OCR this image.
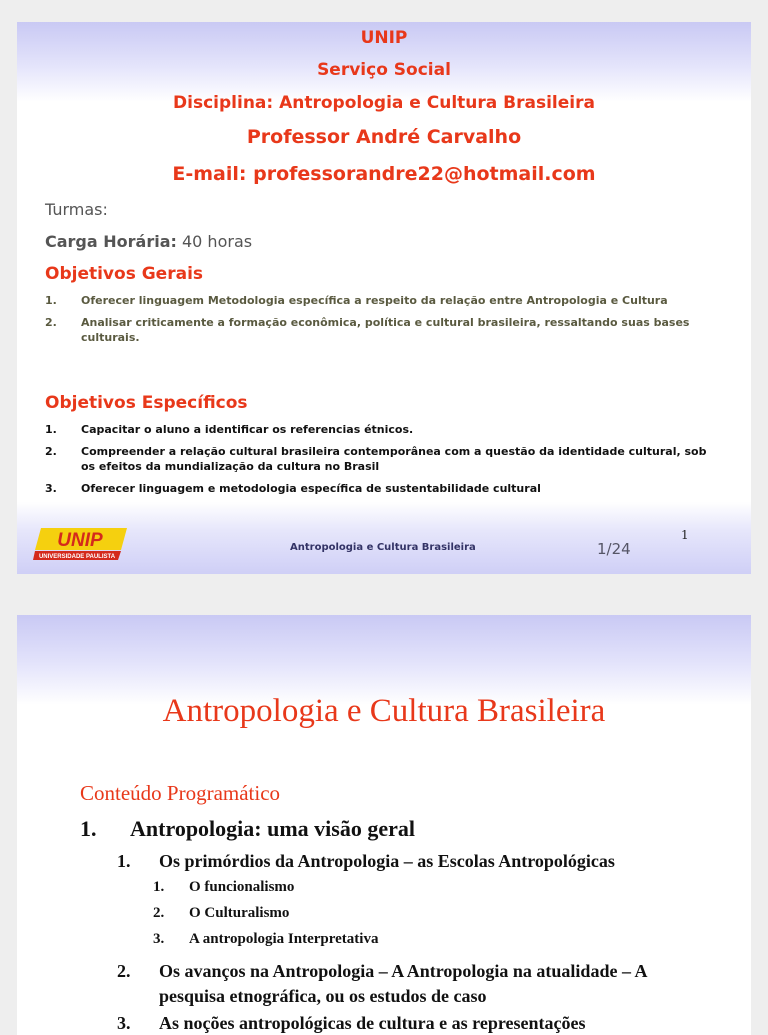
UNIP
Serviço Social
Disciplina: Antropologia e Cultura Brasileira
Professor André Carvalho
E-mail: professorandre22@hotmail.com
Turmas:
Carga Horária: 40 horas
Objetivos Gerais
1. Oferecer linguagem Metodologia específica a respeito da relação entre Antropologia e Cultura
2. Analisar criticamente a formação econômica, política e cultural brasileira, ressaltando suas bases culturais.
Objetivos Específicos
1. Capacitar o aluno a identificar os referencias étnicos.
2. Compreender a relação cultural brasileira contemporânea com a questão da identidade cultural, sob os efeitos da mundialização da cultura no Brasil
3. Oferecer linguagem e metodologia específica de sustentabilidade cultural
UNIP
UNIVERSIDADE PAULISTA
Antropologia e Cultura Brasileira	1/24
1
Antropologia e Cultura Brasileira
Conteúdo Programático
1. Antropologia: uma visão geral
1. Os primórdios da Antropologia – as Escolas Antropológicas
1. O funcionalismo
2. O Culturalismo
3. A antropologia Interpretativa
2.	Os avanços na Antropologia – A Antropologia na atualidade – A pesquisa etnográfica, ou os estudos de caso
3.	As noções antropológicas de cultura e as representações
